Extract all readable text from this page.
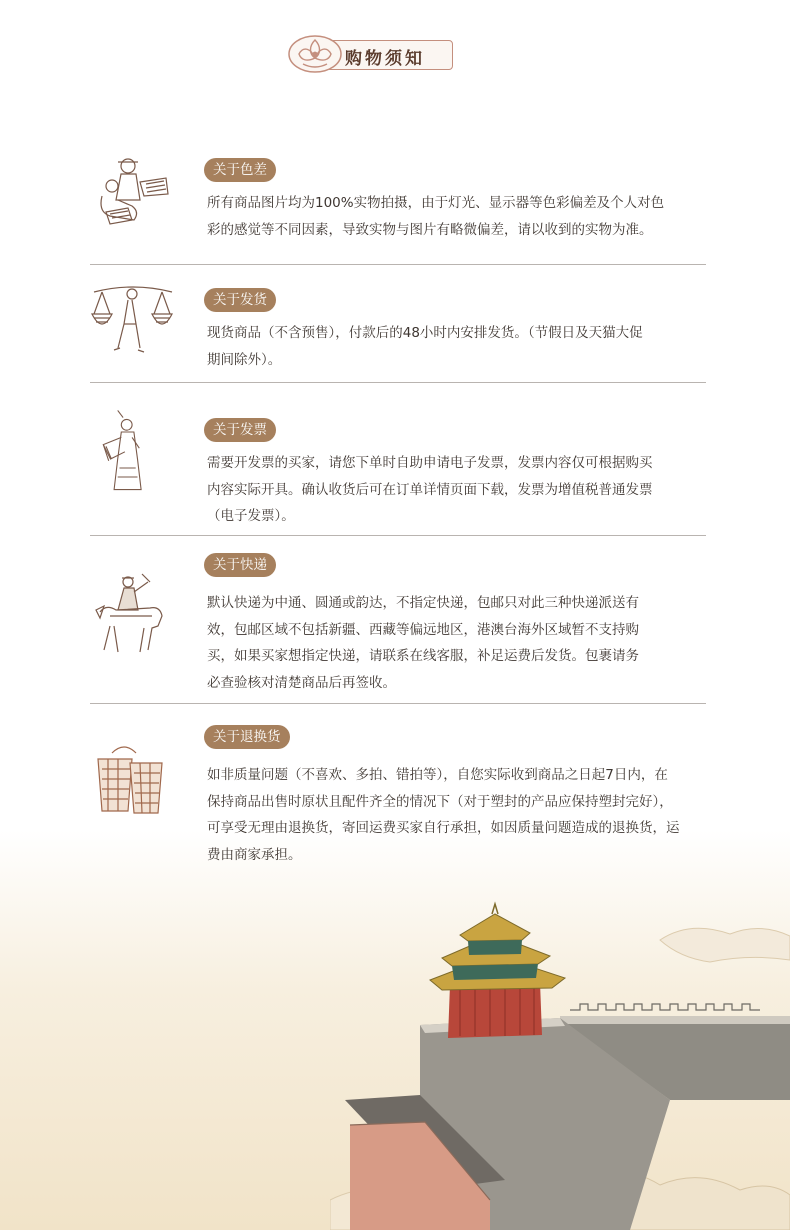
购物须知
关于色差
所有商品图片均为100%实物拍摄，由于灯光、显示器等色彩偏差及个人对色
彩的感觉等不同因素，导致实物与图片有略微偏差，请以收到的实物为准。
关于发货
现货商品（不含预售），付款后的48小时内安排发货。（节假日及天猫大促
期间除外）。
关于发票
需要开发票的买家，请您下单时自助申请电子发票，发票内容仅可根据购买
内容实际开具。确认收货后可在订单详情页面下载，发票为增值税普通发票
（电子发票）。
关于快递
默认快递为中通、圆通或韵达，不指定快递，包邮只对此三种快递派送有
效，包邮区域不包括新疆、西藏等偏远地区，港澳台海外区域暂不支持购
买，如果买家想指定快递，请联系在线客服，补足运费后发货。包裹请务
必查验核对清楚商品后再签收。
关于退换货
如非质量问题（不喜欢、多拍、错拍等），自您实际收到商品之日起7日内，在
保持商品出售时原状且配件齐全的情况下（对于塑封的产品应保持塑封完好），
可享受无理由退换货，寄回运费买家自行承担，如因质量问题造成的退换货，运
费由商家承担。
